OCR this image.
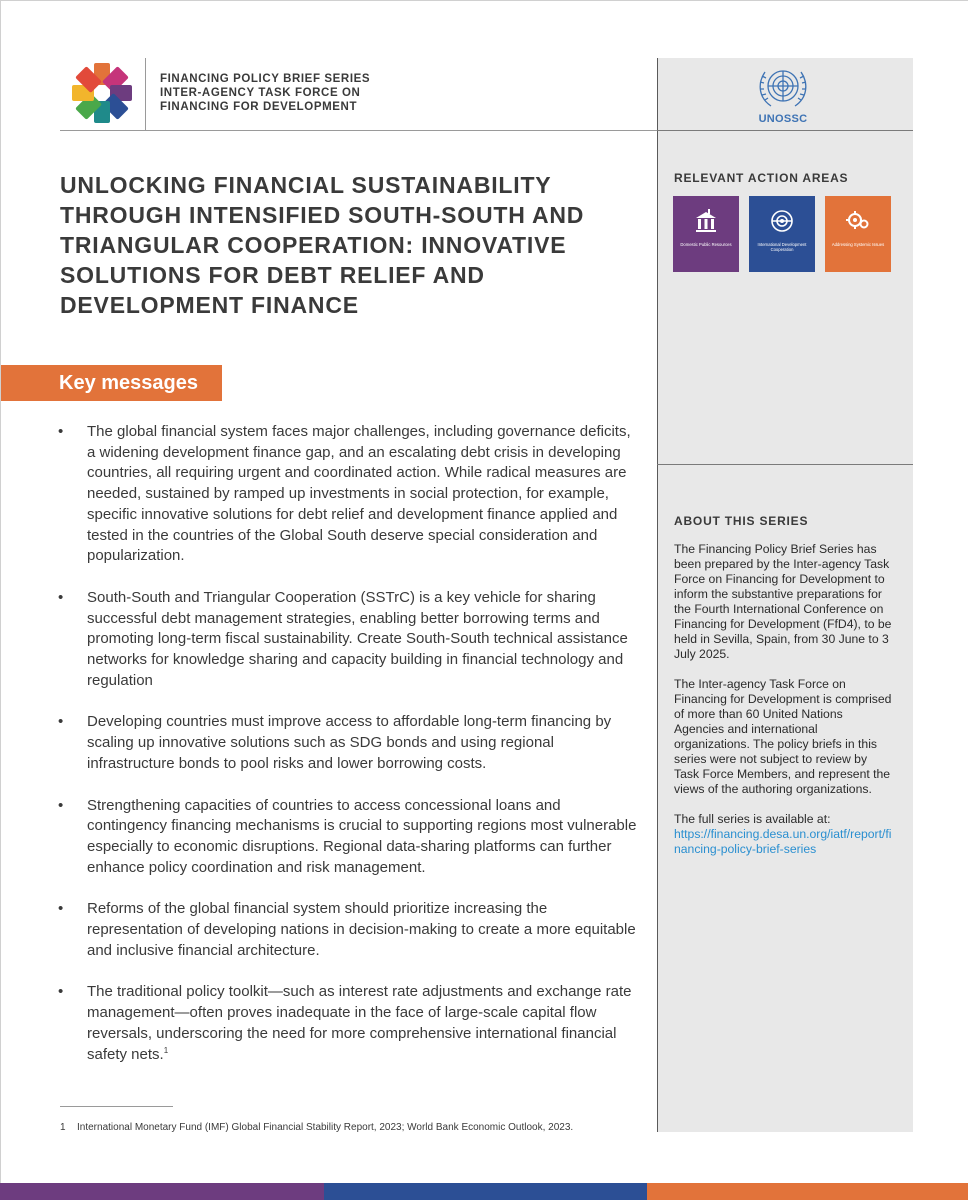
FINANCING POLICY BRIEF SERIES
INTER-AGENCY TASK FORCE ON
FINANCING FOR DEVELOPMENT
UNLOCKING FINANCIAL SUSTAINABILITY THROUGH INTENSIFIED SOUTH-SOUTH AND TRIANGULAR COOPERATION: INNOVATIVE SOLUTIONS FOR DEBT RELIEF AND DEVELOPMENT FINANCE
Key messages
•	The global financial system faces major challenges, including governance deficits, a widening development finance gap, and an escalating debt crisis in developing countries, all requiring urgent and coordinated action. While radical measures are needed, sustained by ramped up investments in social protection, for example, specific innovative solutions for debt relief and development finance applied and tested in the countries of the Global South deserve special consideration and popularization.
•	South-South and Triangular Cooperation (SSTrC) is a key vehicle for sharing successful debt management strategies, enabling better borrowing terms and promoting long-term fiscal sustainability. Create South-South technical assistance networks for knowledge sharing and capacity building in financial technology and regulation
•	Developing countries must improve access to affordable long-term financing by scaling up innovative solutions such as SDG bonds and using regional infrastructure bonds to pool risks and lower borrowing costs.
•	Strengthening capacities of countries to access concessional loans and contingency financing mechanisms is crucial to supporting regions most vulnerable especially to economic disruptions. Regional data-sharing platforms can further enhance policy coordination and risk management.
•	Reforms of the global financial system should prioritize increasing the representation of developing nations in decision-making to create a more equitable and inclusive financial architecture.
•	The traditional policy toolkit—such as interest rate adjustments and exchange rate management—often proves inadequate in the face of large-scale capital flow reversals, underscoring the need for more comprehensive international financial safety nets.$^1$
1 International Monetary Fund (IMF) Global Financial Stability Report, 2023; World Bank Economic Outlook, 2023.
UNOSSC
RELEVANT ACTION AREAS
Domestic Public Resources	International Development Cooperation
Addressing Systemic Issues
ABOUT THIS SERIES

The Financing Policy Brief Series has been prepared by the Inter-agency Task Force on Financing for Development to inform the substantive preparations for the Fourth International Conference on Financing for Development (FfD4), to be held in Sevilla, Spain, from 30 June to 3 July 2025.

The Inter-agency Task Force on Financing for Development is comprised of more than 60 United Nations Agencies and international organizations. The policy briefs in this series were not subject to review by Task Force Members, and represent the views of the authoring organizations.

The full series is available at:
https://financing.desa.un.org/iatf/report/financing-policy-brief-series
